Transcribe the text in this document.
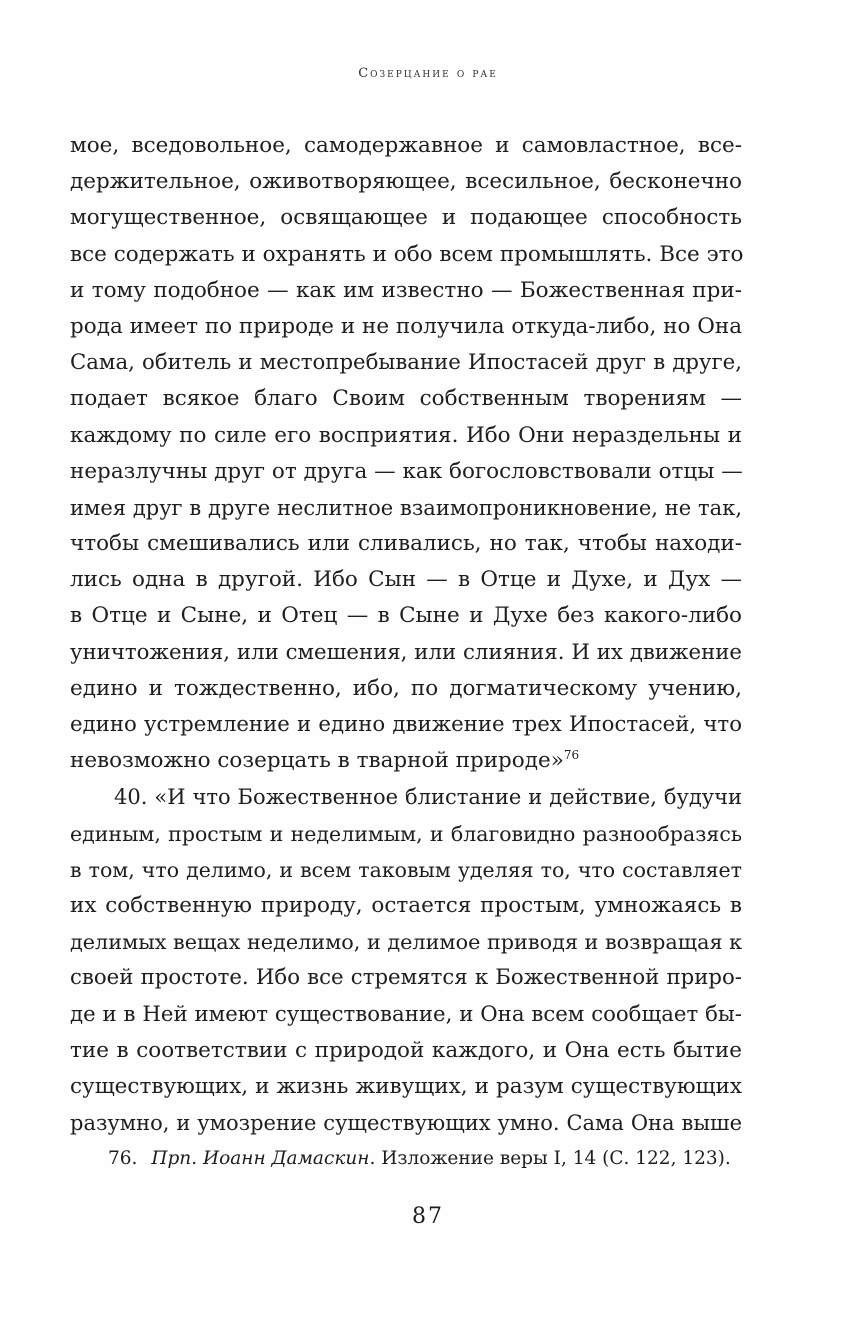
Созерцание о рае
мое, вседовольное, самодержавное и самовластное, все-
держительное, оживотворяющее, всесильное, бесконечно
могущественное, освящающее и подающее способность
все содержать и охранять и обо всем промышлять. Все это
и тому подобное — как им известно — Божественная при-
рода имеет по природе и не получила откуда-либо, но Она
Сама, обитель и местопребывание Ипостасей друг в друге,
подает всякое благо Своим собственным творениям —
каждому по силе его восприятия. Ибо Они нераздельны и
неразлучны друг от друга — как богословствовали отцы —
имея друг в друге неслитное взаимопроникновение, не так,
чтобы смешивались или сливались, но так, чтобы находи-
лись одна в другой. Ибо Сын — в Отце и Духе, и Дух —
в Отце и Сыне, и Отец — в Сыне и Духе без какого-либо
уничтожения, или смешения, или слияния. И их движение
едино и тождественно, ибо, по догматическому учению,
едино устремление и едино движение трех Ипостасей, что
невозможно созерцать в тварной природе»$^{76}$
40. «И что Божественное блистание и действие, будучи
единым, простым и неделимым, и благовидно разнообразясь
в том, что делимо, и всем таковым уделяя то, что составляет
их собственную природу, остается простым, умножаясь в
делимых вещах неделимо, и делимое приводя и возвращая к
своей простоте. Ибо все стремятся к Божественной приро-
де и в Ней имеют существование, и Она всем сообщает бы-
тие в соответствии с природой каждого, и Она есть бытие
существующих, и жизнь живущих, и разум существующих
разумно, и умозрение существующих умно. Сама Она выше
76. Прп. Иоанн Дамаскин. Изложение веры I, 14 (С. 122, 123).
87
